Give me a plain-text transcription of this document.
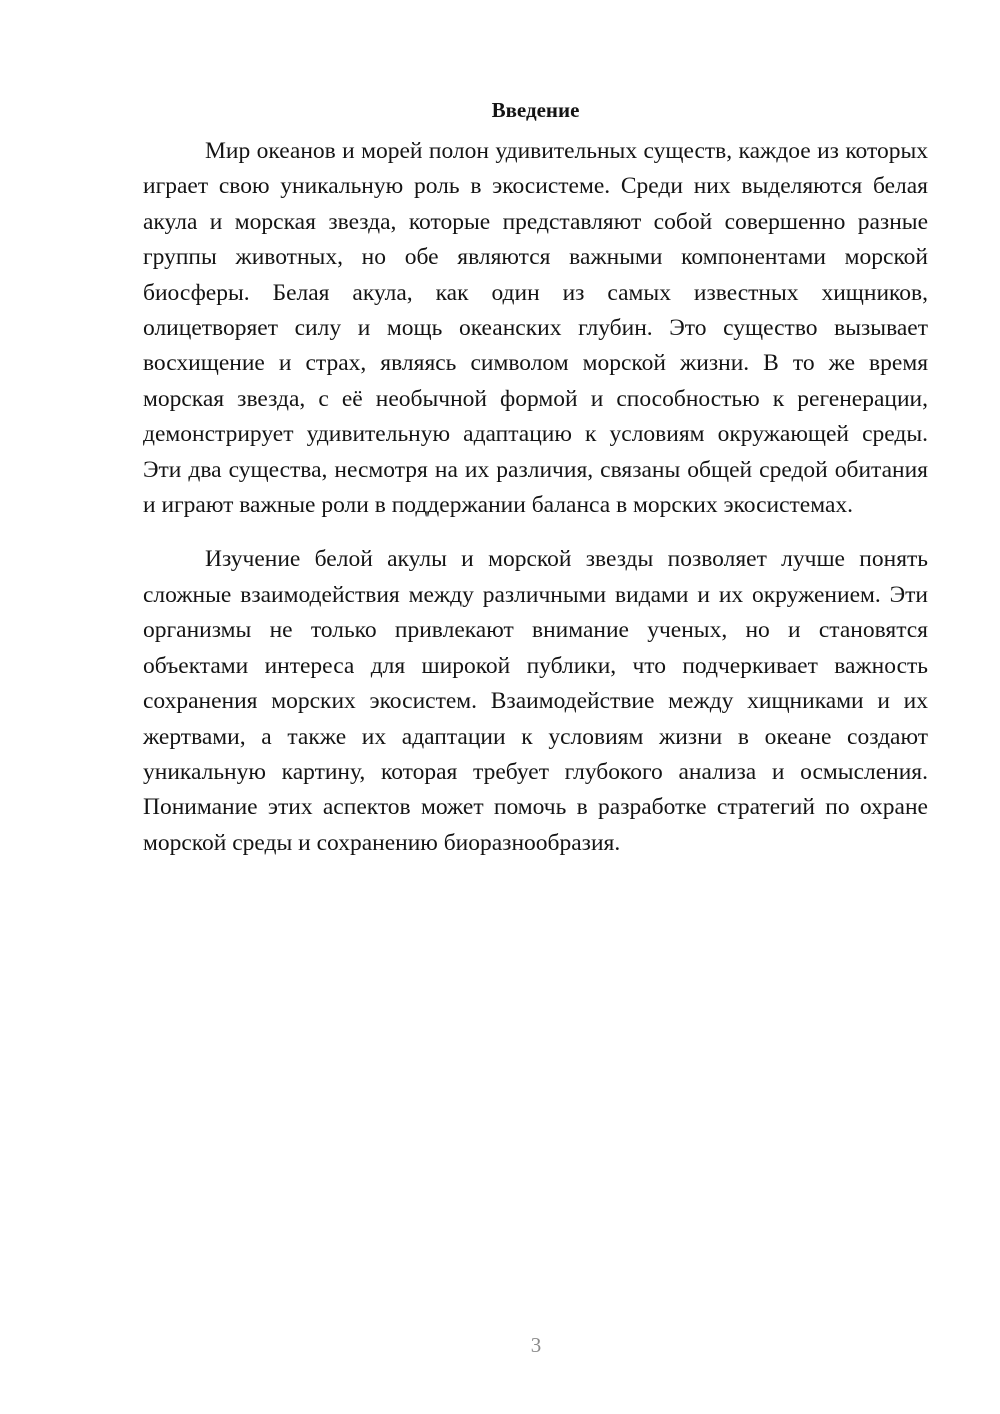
Введение

Мир океанов и морей полон удивительных существ, каждое из которых играет свою уникальную роль в экосистеме. Среди них выделяются белая акула и морская звезда, которые представляют собой совершенно разные группы животных, но обе являются важными компонентами морской биосферы. Белая акула, как один из самых известных хищников, олицетворяет силу и мощь океанских глубин. Это существо вызывает восхищение и страх, являясь символом морской жизни. В то же время морская звезда, с её необычной формой и способностью к регенерации, демонстрирует удивительную адаптацию к условиям окружающей среды. Эти два существа, несмотря на их различия, связаны общей средой обитания и играют важные роли в поддержании баланса в морских экосистемах.

Изучение белой акулы и морской звезды позволяет лучше понять сложные взаимодействия между различными видами и их окружением. Эти организмы не только привлекают внимание ученых, но и становятся объектами интереса для широкой публики, что подчеркивает важность сохранения морских экосистем. Взаимодействие между хищниками и их жертвами, а также их адаптации к условиям жизни в океане создают уникальную картину, которая требует глубокого анализа и осмысления. Понимание этих аспектов может помочь в разработке стратегий по охране морской среды и сохранению биоразнообразия.

3
